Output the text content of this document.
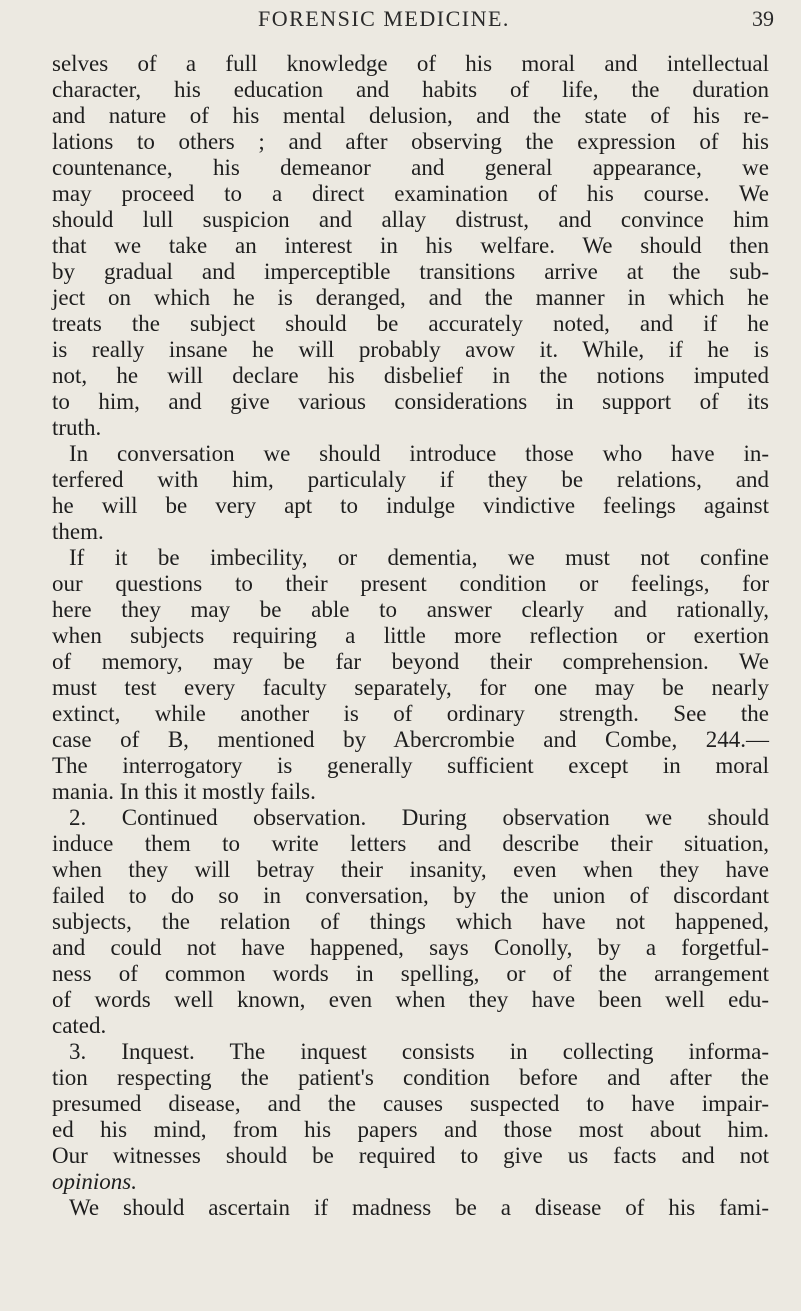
FORENSIC MEDICINE.	39
selves of a full knowledge of his moral and intellectual
character, his education and habits of life, the duration
and nature of his mental delusion, and the state of his re-
lations to others ; and after observing the expression of his
countenance, his demeanor and general appearance, we
may proceed to a direct examination of his course. We
should lull suspicion and allay distrust, and convince him
that we take an interest in his welfare. We should then
by gradual and imperceptible transitions arrive at the sub-
ject on which he is deranged, and the manner in which he
treats the subject should be accurately noted, and if he
is really insane he will probably avow it. While, if he is
not, he will declare his disbelief in the notions imputed
to him, and give various considerations in support of its
truth.
In conversation we should introduce those who have in-
terfered with him, particulaly if they be relations, and
he will be very apt to indulge vindictive feelings against
them.
If it be imbecility, or dementia, we must not confine
our questions to their present condition or feelings, for
here they may be able to answer clearly and rationally,
when subjects requiring a little more reflection or exertion
of memory, may be far beyond their comprehension. We
must test every faculty separately, for one may be nearly
extinct, while another is of ordinary strength. See the
case of B, mentioned by Abercrombie and Combe, 244.—
The interrogatory is generally sufficient except in moral
mania. In this it mostly fails.
2. Continued observation. During observation we should
induce them to write letters and describe their situation,
when they will betray their insanity, even when they have
failed to do so in conversation, by the union of discordant
subjects, the relation of things which have not happened,
and could not have happened, says Conolly, by a forgetful-
ness of common words in spelling, or of the arrangement
of words well known, even when they have been well edu-
cated.
3. Inquest. The inquest consists in collecting informa-
tion respecting the patient's condition before and after the
presumed disease, and the causes suspected to have impair-
ed his mind, from his papers and those most about him.
Our witnesses should be required to give us facts and not
opinions.
We should ascertain if madness be a disease of his fami-
